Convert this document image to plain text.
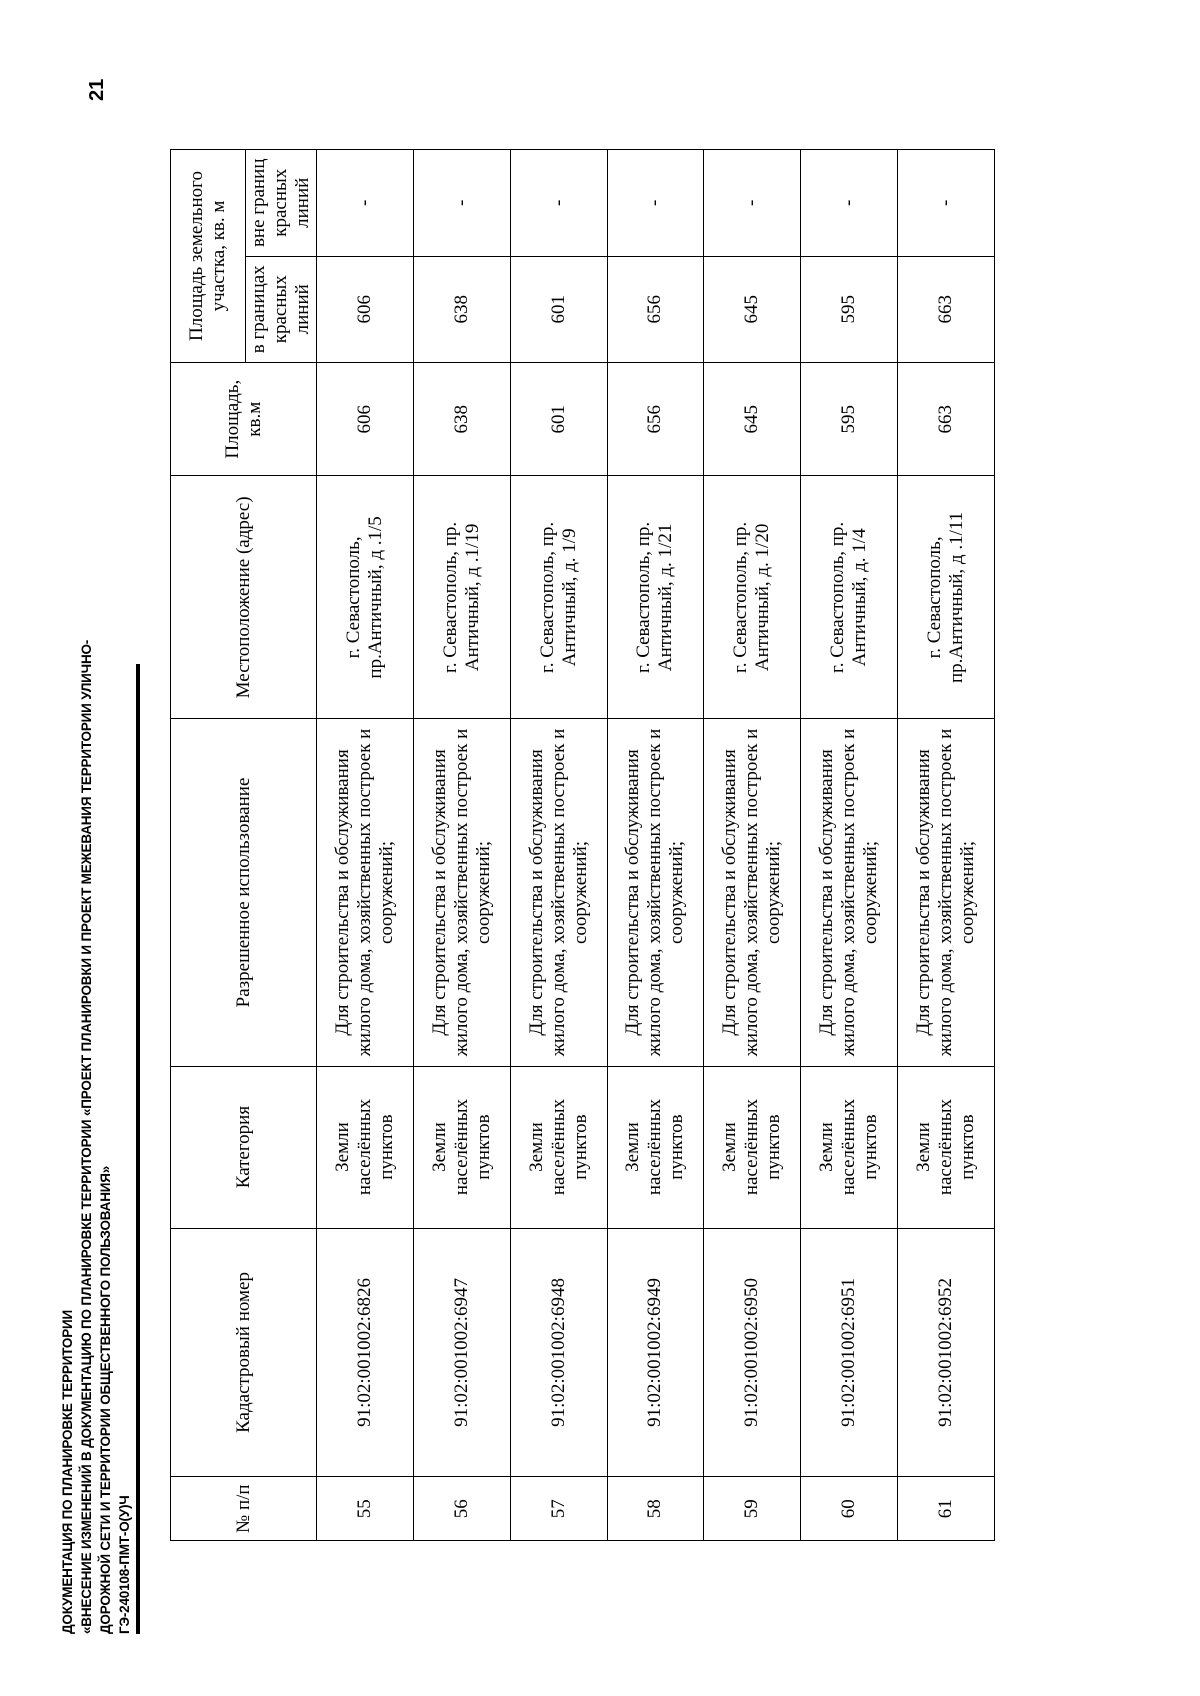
ДОКУМЕНТАЦИЯ ПО ПЛАНИРОВКЕ ТЕРРИТОРИИ «ВНЕСЕНИЕ ИЗМЕНЕНИЙ В ДОКУМЕНТАЦИЮ ПО ПЛАНИРОВКЕ ТЕРРИТОРИИ «ПРОЕКТ ПЛАНИРОВКИ И ПРОЕКТ МЕЖЕВАНИЯ ТЕРРИТОРИИ УЛИЧНО- ДОРОЖНОЙ СЕТИ И ТЕРРИТОРИИ ОБЩЕСТВЕННОГО ПОЛЬЗОВАНИЯ» ГЭ-240108-ПМТ-О(У)Ч
21
№ п/п	Кадастровый номер	Категория	Разрешенное использование	Местоположение (адрес)	Площадь, кв.м	Площадь земельного участка, кв. м	
						в границах красных линий	вне границ красных линий
55	91:02:001002:6826	Земли населённых пунктов	Для строительства и обслуживания жилого дома, хозяйственных построек и сооружений;	г. Севастополь, пр.Античный, д .1/5	606	606	-
56	91:02:001002:6947	Земли населённых пунктов	Для строительства и обслуживания жилого дома, хозяйственных построек и сооружений;	г. Севастополь, пр. Античный, д .1/19	638	638	-
57	91:02:001002:6948	Земли населённых пунктов	Для строительства и обслуживания жилого дома, хозяйственных построек и сооружений;	г. Севастополь, пр. Античный, д. 1/9	601	601	-
58	91:02:001002:6949	Земли населённых пунктов	Для строительства и обслуживания жилого дома, хозяйственных построек и сооружений;	г. Севастополь, пр. Античный, д. 1/21	656	656	-
59	91:02:001002:6950	Земли населённых пунктов	Для строительства и обслуживания жилого дома, хозяйственных построек и сооружений;	г. Севастополь, пр. Античный, д. 1/20	645	645	-
60	91:02:001002:6951	Земли населённых пунктов	Для строительства и обслуживания жилого дома, хозяйственных построек и сооружений;	г. Севастополь, пр. Античный, д. 1/4	595	595	-
61	91:02:001002:6952	Земли населённых пунктов	Для строительства и обслуживания жилого дома, хозяйственных построек и сооружений;	г. Севастополь, пр.Античный, д .1/11	663	663	-
